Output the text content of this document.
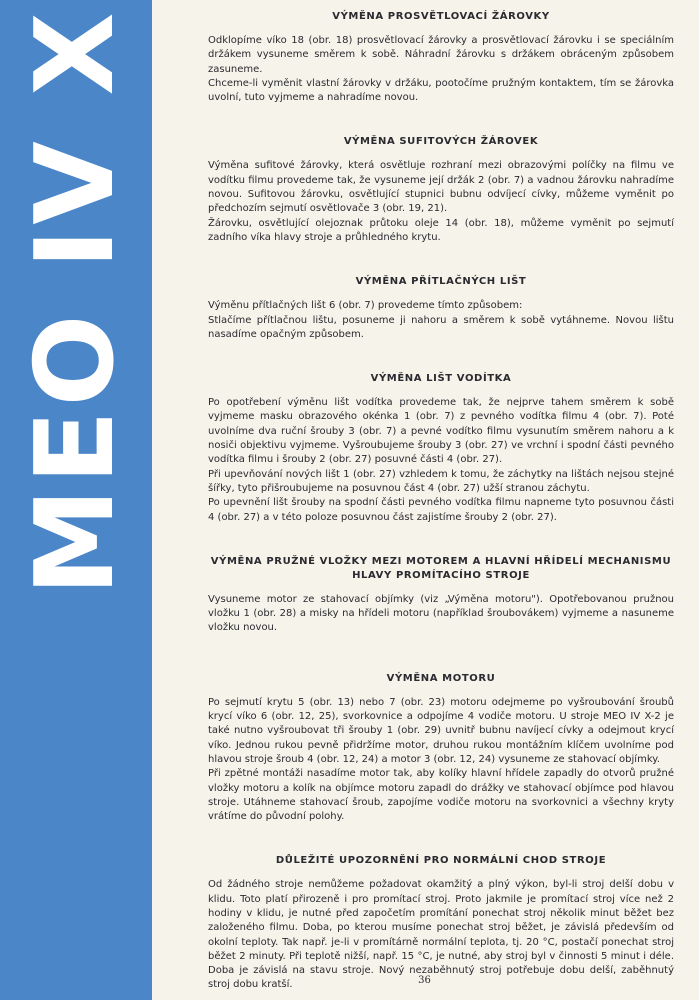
MEO IV X	VÝMĚNA PROSVĚTLOVACÍ ŽÁROVKY

Odklopíme víko 18 (obr. 18) prosvětlovací žárovky a prosvětlovací žárovku i se speciálním držákem vysuneme směrem k sobě. Náhradní žárovku s držákem obráceným způsobem zasuneme.

Chceme-li vyměnit vlastní žárovky v držáku, pootočíme pružným kontaktem, tím se žárovka uvolní, tuto vyjmeme a nahradíme novou.

VÝMĚNA SUFITOVÝCH ŽÁROVEK

Výměna sufitové žárovky, která osvětluje rozhraní mezi obrazovými políčky na filmu ve vodítku filmu provedeme tak, že vysuneme její držák 2 (obr. 7) a vadnou žárovku nahradíme novou. Sufitovou žárovku, osvětlující stupnici bubnu odvíjecí cívky, můžeme vyměnit po předchozím sejmutí osvětlovače 3 (obr. 19, 21).

Žárovku, osvětlující olejoznak průtoku oleje 14 (obr. 18), můžeme vyměnit po sejmutí zadního víka hlavy stroje a průhledného krytu.

VÝMĚNA PŘÍTLAČNÝCH LIŠT

Výměnu přítlačných lišt 6 (obr. 7) provedeme tímto způsobem:

Stlačíme přítlačnou lištu, posuneme ji nahoru a směrem k sobě vytáhneme. Novou lištu nasadíme opačným způsobem.

VÝMĚNA LIŠT VODÍTKA

Po opotřebení výměnu lišt vodítka provedeme tak, že nejprve tahem směrem k sobě vyjmeme masku obrazového okénka 1 (obr. 7) z pevného vodítka filmu 4 (obr. 7). Poté uvolníme dva ruční šrouby 3 (obr. 7) a pevné vodítko filmu vysunutím směrem nahoru a k nosiči objektivu vyjmeme. Vyšroubujeme šrouby 3 (obr. 27) ve vrchní i spodní části pevného vodítka filmu i šrouby 2 (obr. 27) posuvné části 4 (obr. 27).

Při upevňování nových lišt 1 (obr. 27) vzhledem k tomu, že záchytky na lištách nejsou stejné šířky, tyto přišroubujeme na posuvnou část 4 (obr. 27) užší stranou záchytu.

Po upevnění lišt šrouby na spodní části pevného vodítka filmu napneme tyto posuvnou části 4 (obr. 27) a v této poloze posuvnou část zajistíme šrouby 2 (obr. 27).

VÝMĚNA PRUŽNÉ VLOŽKY MEZI MOTOREM A HLAVNÍ HŘÍDELÍ MECHANISMU HLAVY PROMÍTACÍHO STROJE

Vysuneme motor ze stahovací objímky (viz „Výměna motoru"). Opotřebovanou pružnou vložku 1 (obr. 28) a misky na hřídeli motoru (například šroubovákem) vyjmeme a nasuneme vložku novou.

VÝMĚNA MOTORU

Po sejmutí krytu 5 (obr. 13) nebo 7 (obr. 23) motoru odejmeme po vyšroubování šroubů krycí víko 6 (obr. 12, 25), svorkovnice a odpojíme 4 vodiče motoru. U stroje MEO IV X-2 je také nutno vyšroubovat tři šrouby 1 (obr. 29) uvnitř bubnu navíjecí cívky a odejmout krycí víko. Jednou rukou pevně přidržíme motor, druhou rukou montážním klíčem uvolníme pod hlavou stroje šroub 4 (obr. 12, 24) a motor 3 (obr. 12, 24) vysuneme ze stahovací objímky.

Při zpětné montáži nasadíme motor tak, aby kolíky hlavní hřídele zapadly do otvorů pružné vložky motoru a kolík na objímce motoru zapadl do drážky ve stahovací objímce pod hlavou stroje. Utáhneme stahovací šroub, zapojíme vodiče motoru na svorkovnici a všechny kryty vrátíme do původní polohy.

DŮLEŽITÉ UPOZORNĚNÍ PRO NORMÁLNÍ CHOD STROJE

Od žádného stroje nemůžeme požadovat okamžitý a plný výkon, byl-li stroj delší dobu v klidu. Toto platí přirozeně i pro promítací stroj. Proto jakmile je promítací stroj více než 2 hodiny v klidu, je nutné před započetím promítání ponechat stroj několik minut běžet bez založeného filmu. Doba, po kterou musíme ponechat stroj běžet, je závislá především od okolní teploty. Tak např. je-li v promítárně normální teplota, tj. 20 °C, postačí ponechat stroj běžet 2 minuty. Při teplotě nižší, např. 15 °C, je nutné, aby stroj byl v činnosti 5 minut i déle. Doba je závislá na stavu stroje. Nový nezaběhnutý stroj potřebuje dobu delší, zaběhnutý stroj dobu kratší.	36
